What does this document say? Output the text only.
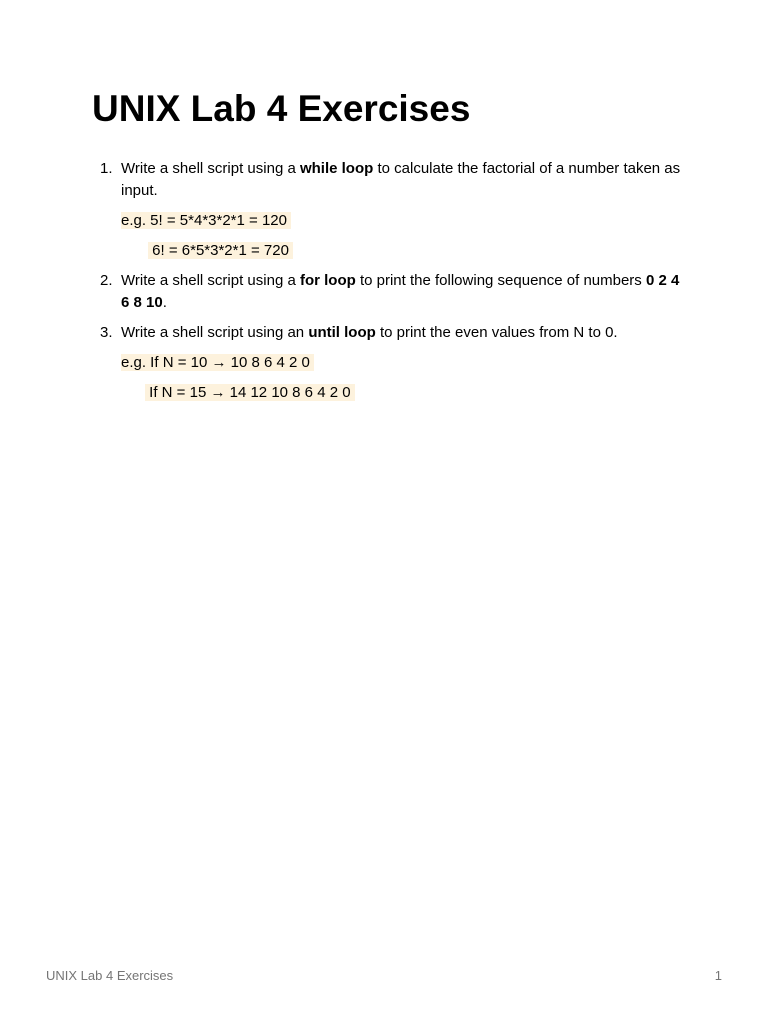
UNIX Lab 4 Exercises
1. Write a shell script using a while loop to calculate the factorial of a number taken as input.
e.g. 5! = 5*4*3*2*1 = 120
6! = 6*5*3*2*1 = 720
2. Write a shell script using a for loop to print the following sequence of numbers 0 2 4 6 8 10.
3. Write a shell script using an until loop to print the even values from N to 0.
e.g. If N = 10 → 10 8 6 4 2 0
If N = 15 → 14 12 10 8 6 4 2 0
UNIX Lab 4 Exercises	1
